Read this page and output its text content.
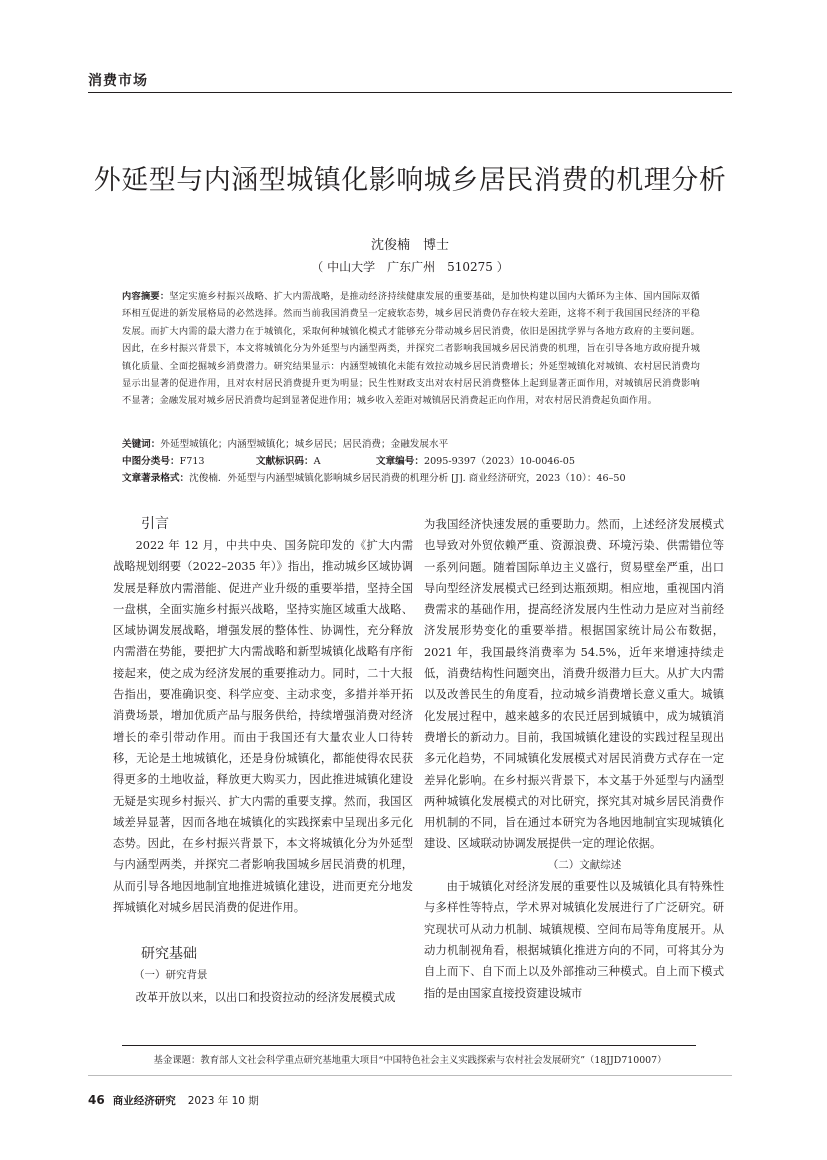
消费市场
外延型与内涵型城镇化影响城乡居民消费的机理分析
沈俊楠　博士
（ 中山大学　广东广州　510275 ）
内容摘要：坚定实施乡村振兴战略、扩大内需战略，是推动经济持续健康发展的重要基础，是加快构建以国内大循环为主体、国内国际双循环相互促进的新发展格局的必然选择。然而当前我国消费呈一定疲软态势，城乡居民消费仍存在较大差距，这将不利于我国国民经济的平稳发展。而扩大内需的最大潜力在于城镇化，采取何种城镇化模式才能够充分带动城乡居民消费，依旧是困扰学界与各地方政府的主要问题。因此，在乡村振兴背景下，本文将城镇化分为外延型与内涵型两类，并探究二者影响我国城乡居民消费的机理，旨在引导各地方政府提升城镇化质量、全面挖掘城乡消费潜力。研究结果显示：内涵型城镇化未能有效拉动城乡居民消费增长；外延型城镇化对城镇、农村居民消费均显示出显著的促进作用，且对农村居民消费提升更为明显；民生性财政支出对农村居民消费整体上起到显著正面作用，对城镇居民消费影响不显著；金融发展对城乡居民消费均起到显著促进作用；城乡收入差距对城镇居民消费起正向作用，对农村居民消费起负面作用。
关键词：外延型城镇化；内涵型城镇化；城乡居民；居民消费；金融发展水平
中图分类号：F713	文献标识码：A	文章编号：2095-9397（2023）10-0046-05
文章著录格式：沈俊楠．外延型与内涵型城镇化影响城乡居民消费的机理分析 [J]. 商业经济研究，2023（10）：46–50

引言

2022 年 12 月，中共中央、国务院印发的《扩大内需战略规划纲要（2022–2035 年）》指出，推动城乡区域协调发展是释放内需潜能、促进产业升级的重要举措，坚持全国一盘棋，全面实施乡村振兴战略，坚持实施区域重大战略、区域协调发展战略，增强发展的整体性、协调性，充分释放内需潜在势能，要把扩大内需战略和新型城镇化战略有序衔接起来，使之成为经济发展的重要推动力。同时，二十大报告指出，要准确识变、科学应变、主动求变，多措并举开拓消费场景，增加优质产品与服务供给，持续增强消费对经济增长的牵引带动作用。而由于我国还有大量农业人口待转移，无论是土地城镇化，还是身份城镇化，都能使得农民获得更多的土地收益，释放更大购买力，因此推进城镇化建设无疑是实现乡村振兴、扩大内需的重要支撑。然而，我国区域差异显著，因而各地在城镇化的实践探索中呈现出多元化态势。因此，在乡村振兴背景下，本文将城镇化分为外延型与内涵型两类，并探究二者影响我国城乡居民消费的机理，从而引导各地因地制宜地推进城镇化建设，进而更充分地发挥城镇化对城乡居民消费的促进作用。

研究基础

（一）研究背景

改革开放以来，以出口和投资拉动的经济发展模式成

为我国经济快速发展的重要助力。然而，上述经济发展模式也导致对外贸依赖严重、资源浪费、环境污染、供需错位等一系列问题。随着国际单边主义盛行，贸易壁垒严重，出口导向型经济发展模式已经到达瓶颈期。相应地，重视国内消费需求的基础作用，提高经济发展内生性动力是应对当前经济发展形势变化的重要举措。根据国家统计局公布数据，2021 年，我国最终消费率为 54.5%，近年来增速持续走低，消费结构性问题突出，消费升级潜力巨大。从扩大内需以及改善民生的角度看，拉动城乡消费增长意义重大。城镇化发展过程中，越来越多的农民迁居到城镇中，成为城镇消费增长的新动力。目前，我国城镇化建设的实践过程呈现出多元化趋势，不同城镇化发展模式对居民消费方式存在一定差异化影响。在乡村振兴背景下，本文基于外延型与内涵型两种城镇化发展模式的对比研究，探究其对城乡居民消费作用机制的不同，旨在通过本研究为各地因地制宜实现城镇化建设、区域联动协调发展提供一定的理论依据。

（二）文献综述

由于城镇化对经济发展的重要性以及城镇化具有特殊性与多样性等特点，学术界对城镇化发展进行了广泛研究。研究现状可从动力机制、城镇规模、空间布局等角度展开。从动力机制视角看，根据城镇化推进方向的不同，可将其分为自上而下、自下而上以及外部推动三种模式。自上而下模式指的是由国家直接投资建设城市

基金课题：教育部人文社会科学重点研究基地重大项目“中国特色社会主义实践探索与农村社会发展研究”（18JJD710007）
46 商业经济研究 2023 年 10 期
